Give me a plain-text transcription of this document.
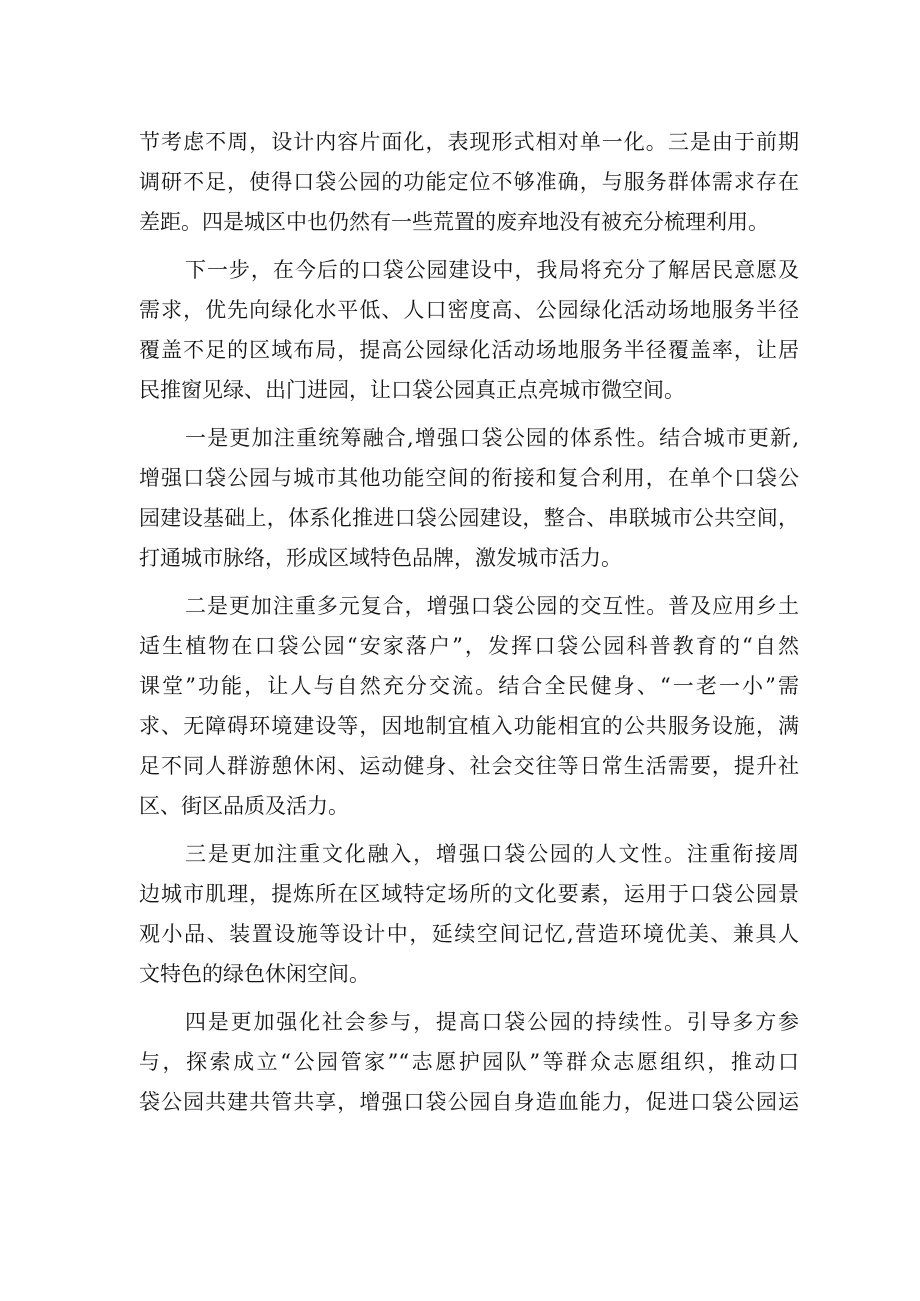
节考虑不周，设计内容片面化，表现形式相对单一化。三是由于前期
调研不足，使得口袋公园的功能定位不够准确，与服务群体需求存在
差距。四是城区中也仍然有一些荒置的废弃地没有被充分梳理利用。
下一步，在今后的口袋公园建设中，我局将充分了解居民意愿及
需求，优先向绿化水平低、人口密度高、公园绿化活动场地服务半径
覆盖不足的区域布局，提高公园绿化活动场地服务半径覆盖率，让居
民推窗见绿、出门进园，让口袋公园真正点亮城市微空间。
一是更加注重统筹融合,增强口袋公园的体系性。结合城市更新,
增强口袋公园与城市其他功能空间的衔接和复合利用，在单个口袋公
园建设基础上，体系化推进口袋公园建设，整合、串联城市公共空间，
打通城市脉络，形成区域特色品牌，激发城市活力。
二是更加注重多元复合，增强口袋公园的交互性。普及应用乡土
适生植物在口袋公园“安家落户”，发挥口袋公园科普教育的“自然
课堂”功能，让人与自然充分交流。结合全民健身、“一老一小”需
求、无障碍环境建设等，因地制宜植入功能相宜的公共服务设施，满
足不同人群游憩休闲、运动健身、社会交往等日常生活需要，提升社
区、街区品质及活力。
三是更加注重文化融入，增强口袋公园的人文性。注重衔接周
边城市肌理，提炼所在区域特定场所的文化要素，运用于口袋公园景
观小品、装置设施等设计中，延续空间记忆,营造环境优美、兼具人
文特色的绿色休闲空间。
四是更加强化社会参与，提高口袋公园的持续性。引导多方参
与，探索成立“公园管家”“志愿护园队”等群众志愿组织，推动口
袋公园共建共管共享，增强口袋公园自身造血能力，促进口袋公园运
